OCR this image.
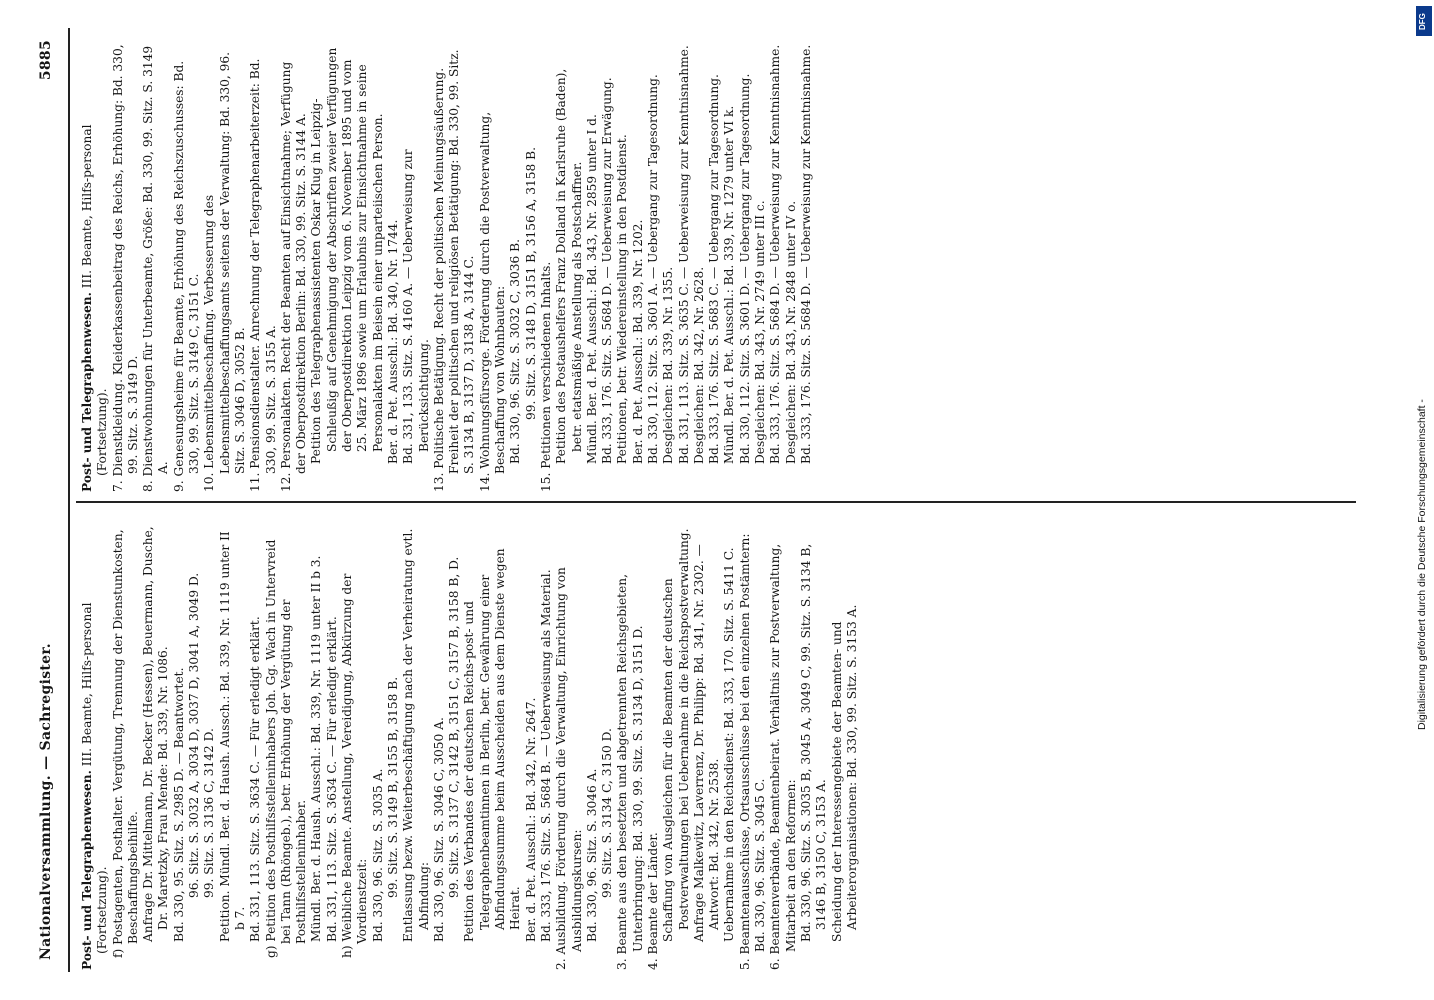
Nationalversammlung. — Sachregister.
5885

Post- und Telegraphenwesen. III. Beamte, Hilfs-personal (Fortsetzung). f) Postagenten, Posthalter. Vergütung, Trennung der Dienstunkosten, Beschaffungsbeihilfe. Anfrage Dr. Mittelmann, Dr. Becker (Hessen), Beuermann, Dusche, Dr. Maretzky, Frau Mende: Bd. 339, Nr. 1086. Bd. 330, 95. Sitz. S. 2985 D. — Beantwortet. 96. Sitz. S. 3032 A, 3034 D, 3037 D, 3041 A, 3049 D. 99. Sitz. S. 3136 C, 3142 D. Petition. Mündl. Ber. d. Haush. Aussch.: Bd. 339, Nr. 1119 unter II b 7. Bd. 331, 113. Sitz. S. 3634 C. — Für erledigt erklärt. g) Petition des Posthilfsstelleninhabers Joh. Gg. Wach in Untervreid bei Tann (Rhöngeb.), betr. Erhöhung der Vergütung der Posthilfsstelleninhaber. Mündl. Ber. d. Haush. Ausschl.: Bd. 339, Nr. 1119 unter II b 3. Bd. 331, 113. Sitz. S. 3634 C. — Für erledigt erklärt. h) Weibliche Beamte. Anstellung, Vereidigung, Abkürzung der Vordienstzeit: Bd. 330, 96. Sitz. S. 3035 A. 99. Sitz. S. 3149 B, 3155 B, 3158 B. Entlassung bezw. Weiterbeschäftigung nach der Verheiratung evtl. Abfindung: Bd. 330, 96. Sitz. S. 3046 C, 3050 A. 99. Sitz. S. 3137 C, 3142 B, 3151 C, 3157 B, 3158 B, D. Petition des Verbandes der deutschen Reichs-post- und Telegraphenbeamtinnen in Berlin, betr. Gewährung einer Abfindungssumme beim Ausscheiden aus dem Dienste wegen Heirat. Ber. d. Pet. Ausschl.: Bd. 342, Nr. 2647. Bd. 333, 176. Sitz. S. 5684 B. — Ueberweisung als Material. 2. Ausbildung. Förderung durch die Verwaltung, Einrichtung von Ausbildungskursen: Bd. 330, 96. Sitz. S. 3046 A. 99. Sitz. S. 3134 C, 3150 D. 3. Beamte aus den besetzten und abgetrennten Reichsgebieten, Unterbringung: Bd. 330, 99. Sitz. S. 3134 D, 3151 D. 4. Beamte der Länder. Schaffung von Ausgleichen für die Beamten der deutschen Postverwaltungen bei Uebernahme in die Reichspostverwaltung. Anfrage Malkewitz, Laverrenz, Dr. Philipp: Bd. 341, Nr. 2302. — Antwort: Bd. 342, Nr. 2538. Uebernahme in den Reichsdienst: Bd. 333, 170. Sitz. S. 5411 C. 5. Beamtenausschüsse, Ortsausschüsse bei den einzelnen Postämtern: Bd. 330, 96. Sitz. S. 3045 C. 6. Beamtenverbände, Beamtenbeirat. Verhältnis zur Postverwaltung, Mitarbeit an den Reformen: Bd. 330, 96. Sitz. S. 3035 B, 3045 A, 3049 C, 99. Sitz. S. 3134 B, 3146 B, 3150 C, 3153 A. Scheidung der Interessengebiete der Beamten- und Arbeiterorganisationen: Bd. 330, 99. Sitz. S. 3153 A.

Post- und Telegraphenwesen. III. Beamte, Hilfs-personal (Fortsetzung). 7. Dienstkleidung. Kleiderkassenbeitrag des Reichs, Erhöhung: Bd. 330, 99. Sitz. S. 3149 D. 8. Dienstwohnungen für Unterbeamte, Größe: Bd. 330, 99. Sitz. S. 3149 A. 9. Genesungsheime für Beamte, Erhöhung des Reichszuschusses: Bd. 330, 99. Sitz. S. 3149 C, 3151 C. 10. Lebensmittelbeschaffung. Verbesserung des Lebensmittelbeschaffungsamts seitens der Verwaltung: Bd. 330, 96. Sitz. S. 3046 D, 3052 B. 11. Pensionsdienstalter. Anrechnung der Telegraphenarbeiterzeit: Bd. 330, 99. Sitz. S. 3155 A. 12. Personalakten. Recht der Beamten auf Einsichtnahme; Verfügung der Oberpostdirektion Berlin: Bd. 330, 99. Sitz. S. 3144 A. Petition des Telegraphenassistenten Oskar Klug in Leipzig-Schleußig auf Genehmigung der Abschriften zweier Verfügungen der Oberpostdirektion Leipzig vom 6. November 1895 und vom 25. März 1896 sowie um Erlaubnis zur Einsichtnahme in seine Personalakten im Beisein einer unparteiischen Person. Ber. d. Pet. Ausschl.: Bd. 340, Nr. 1744. Bd. 331, 133. Sitz. S. 4160 A. — Ueberweisung zur Berücksichtigung. 13. Politische Betätigung. Recht der politischen Meinungsäußerung. Freiheit der politischen und religiösen Betätigung: Bd. 330, 99. Sitz. S. 3134 B, 3137 D, 3138 A, 3144 C. 14. Wohnungsfürsorge. Förderung durch die Postverwaltung, Beschaffung von Wohnbauten: Bd. 330, 96. Sitz. S. 3032 C, 3036 B. 99. Sitz. S. 3148 D, 3151 B, 3156 A, 3158 B. 15. Petitionen verschiedenen Inhalts. Petition des Postaushelfers Franz Dolland in Karlsruhe (Baden), betr. etatsmäßige Anstellung als Postschaffner. Mündl. Ber. d. Pet. Ausschl.: Bd. 343, Nr. 2859 unter I d. Bd. 333, 176. Sitz. S. 5684 D. — Ueberweisung zur Erwägung. Petitionen, betr. Wiedereinstellung in den Postdienst. Ber. d. Pet. Ausschl.: Bd. 339, Nr. 1202. Bd. 330, 112. Sitz. S. 3601 A. — Uebergang zur Tagesordnung. Desgleichen: Bd. 339, Nr. 1355. Bd. 331, 113. Sitz. S. 3635 C. — Ueberweisung zur Kenntnisnahme. Desgleichen: Bd. 342, Nr. 2628. Bd. 333, 176. Sitz. S. 5683 C. — Uebergang zur Tagesordnung. Mündl. Ber. d. Pet. Ausschl.: Bd. 339, Nr. 1279 unter VI k. Bd. 330, 112. Sitz. S. 3601 D. — Uebergang zur Tagesordnung. Desgleichen: Bd. 343, Nr. 2749 unter III c. Bd. 333, 176. Sitz. S. 5684 D. — Ueberweisung zur Kenntnisnahme. Desgleichen: Bd. 343, Nr. 2848 unter IV o. Bd. 333, 176. Sitz. S. 5684 D. — Ueberweisung zur Kenntnisnahme.

Digitalisierung gefördert durch die Deutsche Forschungsgemeinschaft -
DFG
